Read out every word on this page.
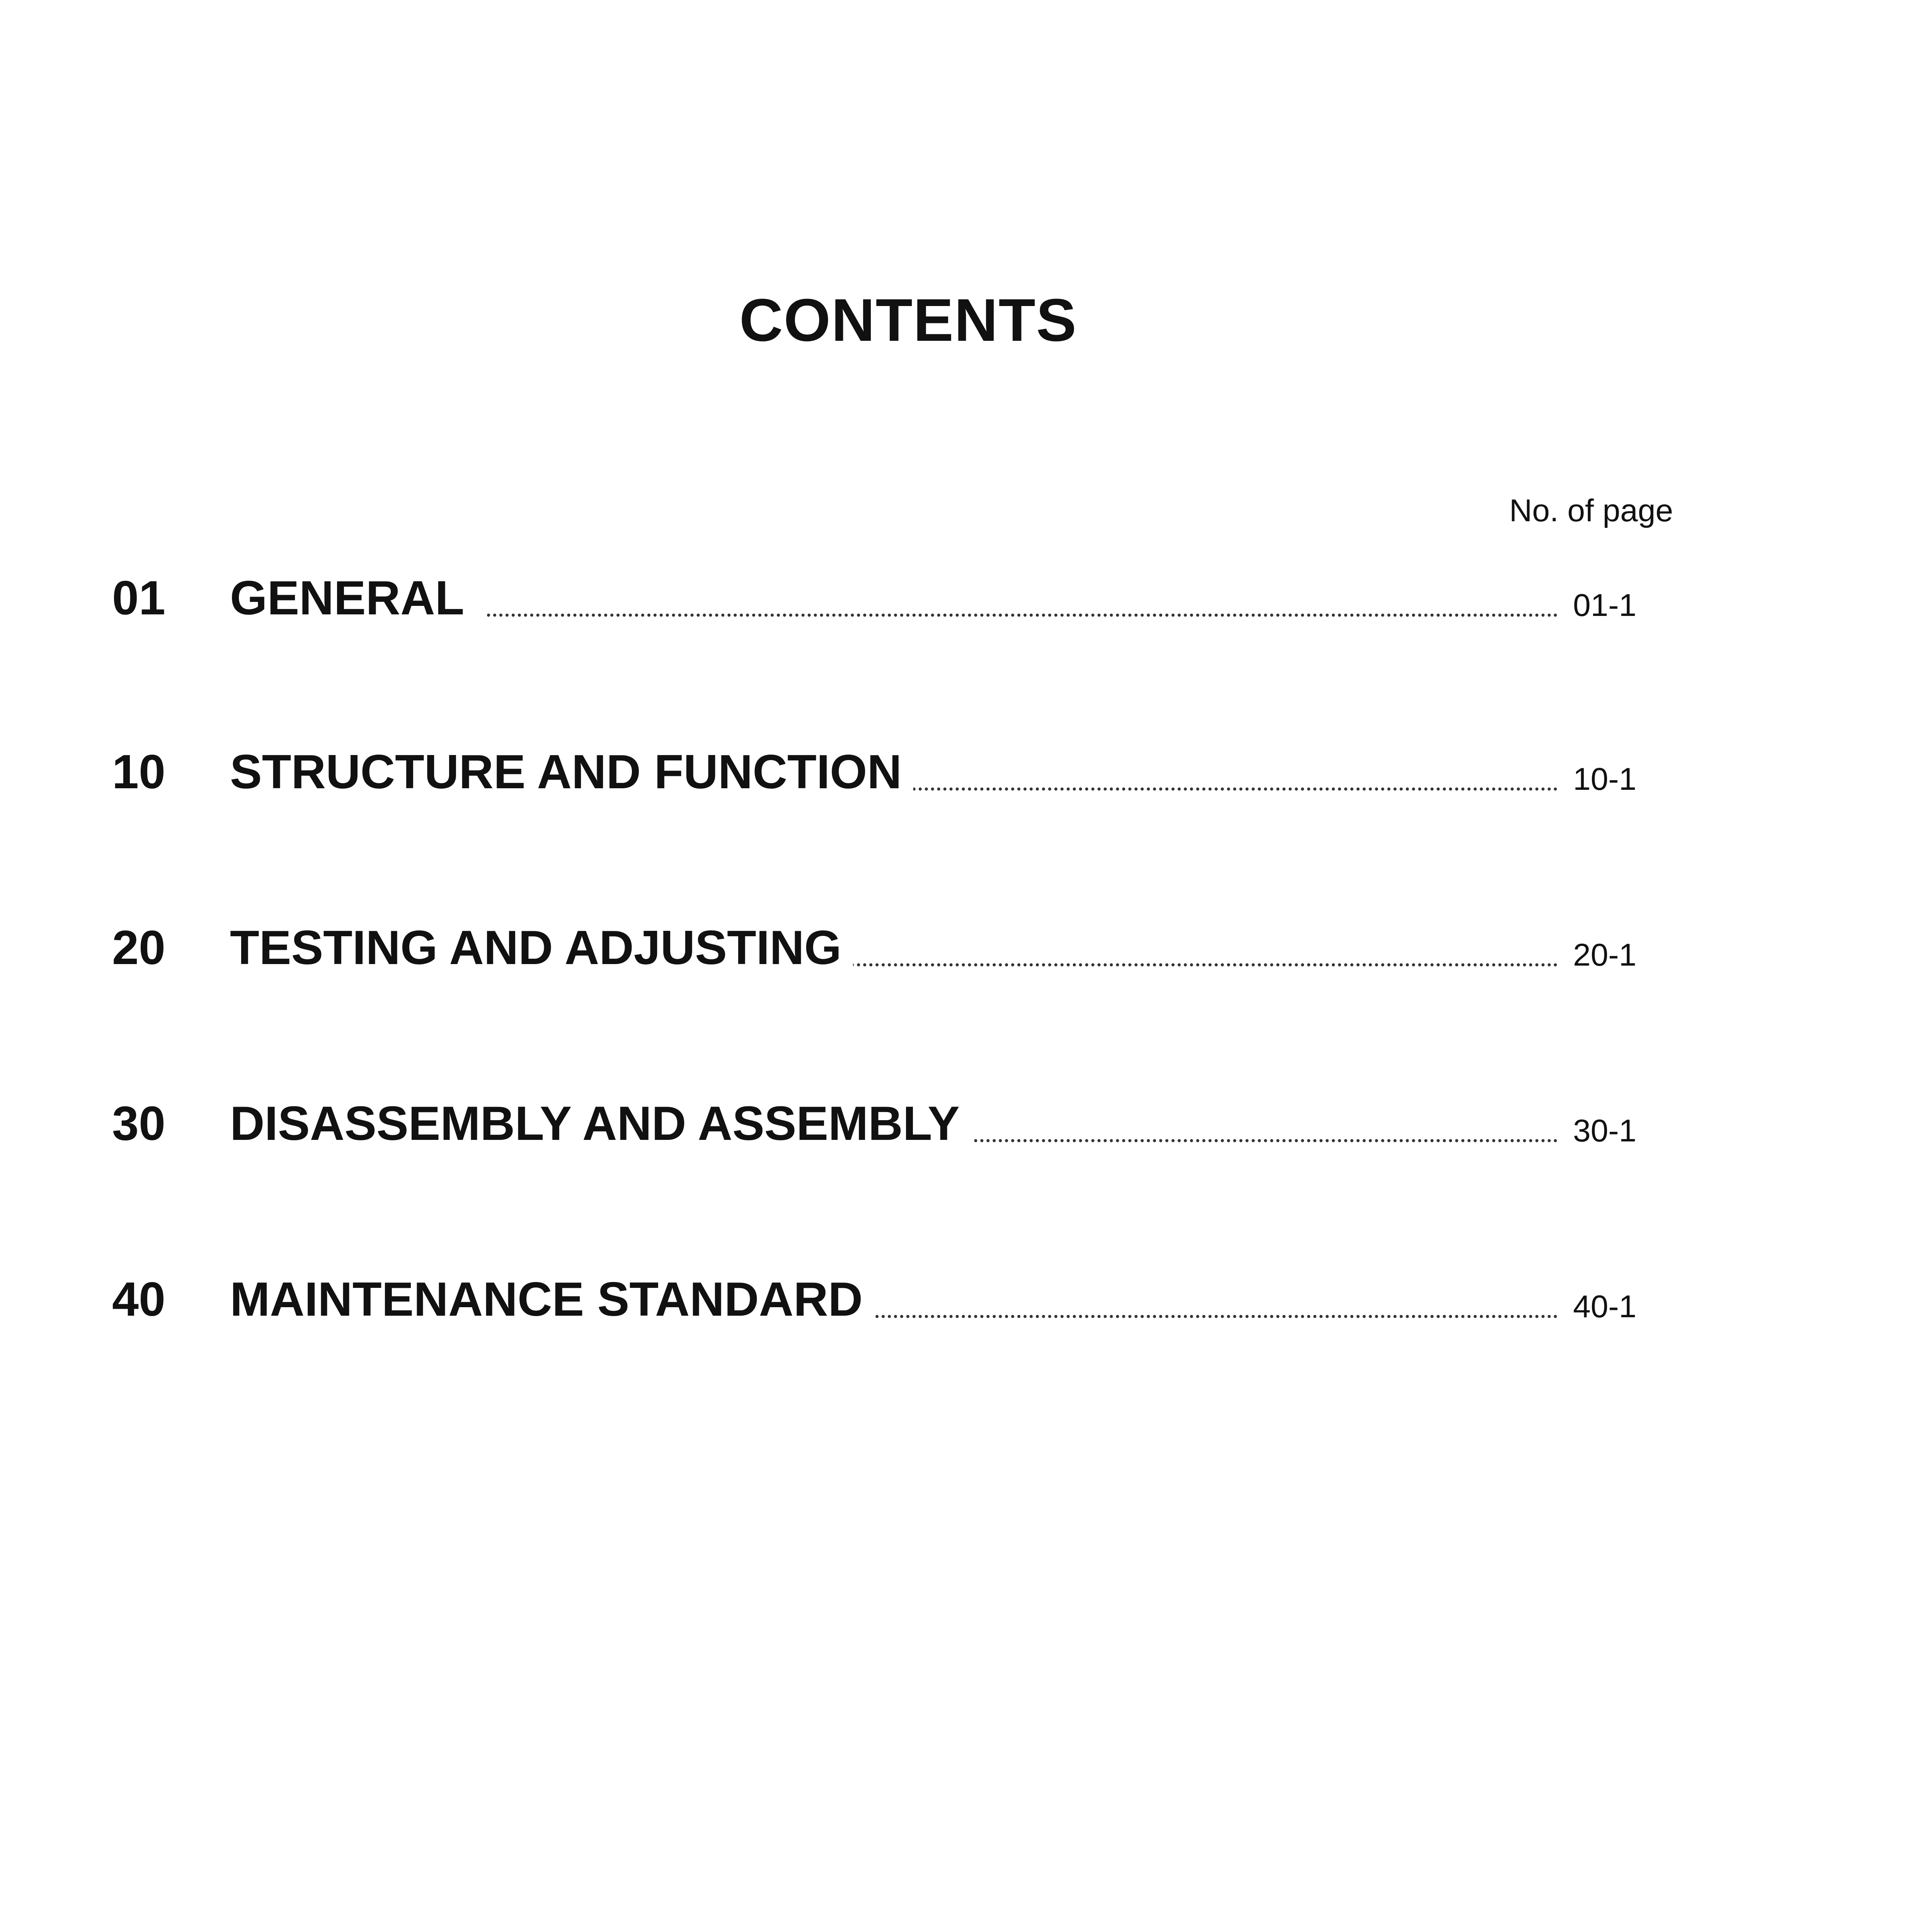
CONTENTS
No. of page
01 GENERAL	01-1
10 STRUCTURE AND FUNCTION	10-1
20 TESTING AND ADJUSTING	20-1
30 DISASSEMBLY AND ASSEMBLY	30-1
40 MAINTENANCE STANDARD	40-1
